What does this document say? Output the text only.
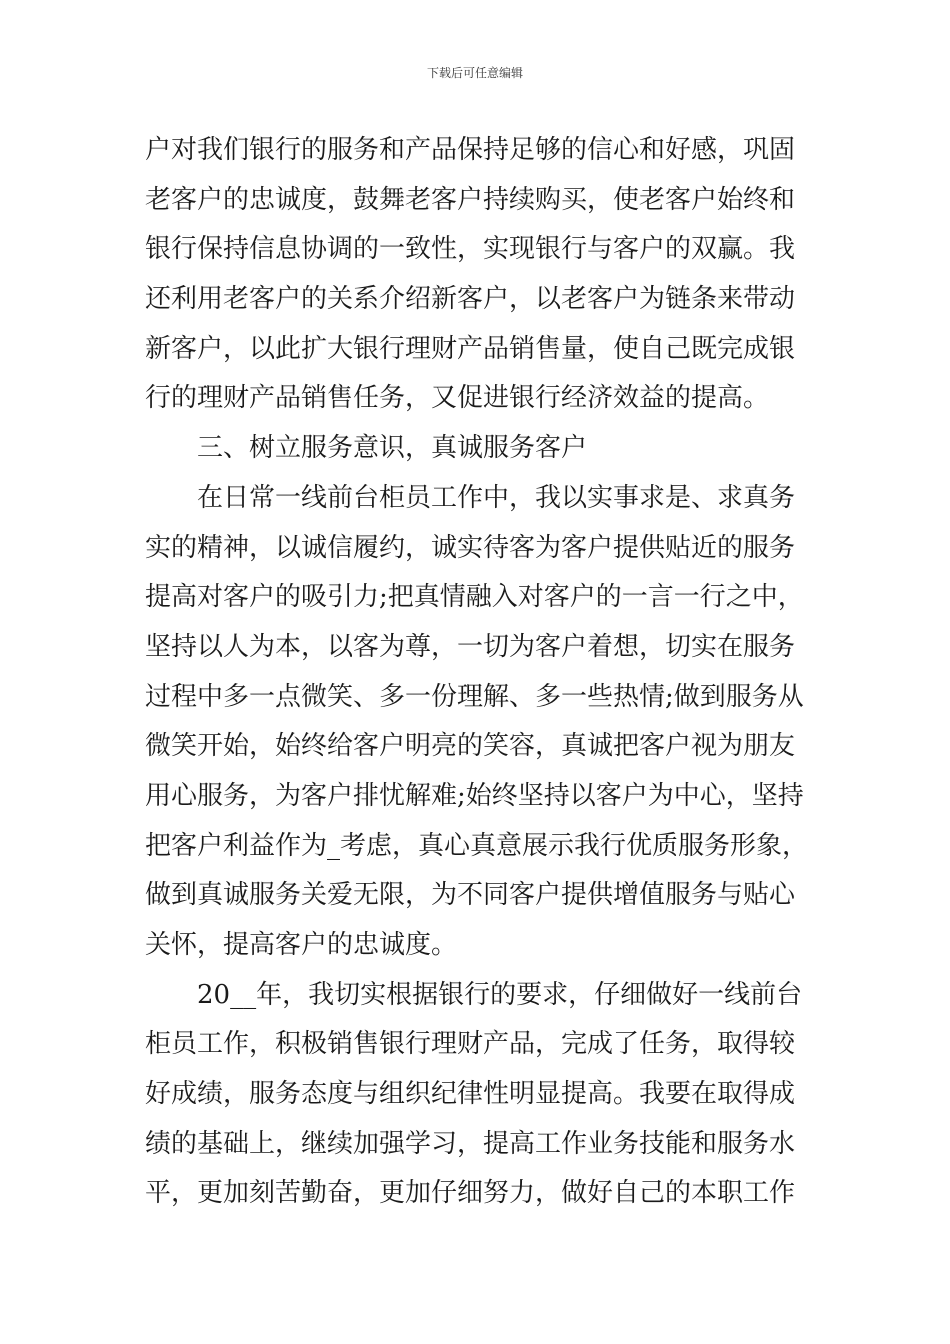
下载后可任意编辑
户对我们银行的服务和产品保持足够的信心和好感，巩固
老客户的忠诚度，鼓舞老客户持续购买，使老客户始终和
银行保持信息协调的一致性，实现银行与客户的双赢。我
还利用老客户的关系介绍新客户，以老客户为链条来带动
新客户，以此扩大银行理财产品销售量，使自己既完成银
行的理财产品销售任务，又促进银行经济效益的提高。
三、树立服务意识，真诚服务客户
在日常一线前台柜员工作中，我以实事求是、求真务
实的精神，以诚信履约，诚实待客为客户提供贴近的服务
提高对客户的吸引力;把真情融入对客户的一言一行之中，
坚持以人为本，以客为尊，一切为客户着想，切实在服务
过程中多一点微笑、多一份理解、多一些热情;做到服务从
微笑开始，始终给客户明亮的笑容，真诚把客户视为朋友
用心服务，为客户排忧解难;始终坚持以客户为中心，坚持
把客户利益作为_考虑，真心真意展示我行优质服务形象，
做到真诚服务关爱无限，为不同客户提供增值服务与贴心
关怀，提高客户的忠诚度。
20__年，我切实根据银行的要求，仔细做好一线前台
柜员工作，积极销售银行理财产品，完成了任务，取得较
好成绩，服务态度与组织纪律性明显提高。我要在取得成
绩的基础上，继续加强学习，提高工作业务技能和服务水
平，更加刻苦勤奋，更加仔细努力，做好自己的本职工作
